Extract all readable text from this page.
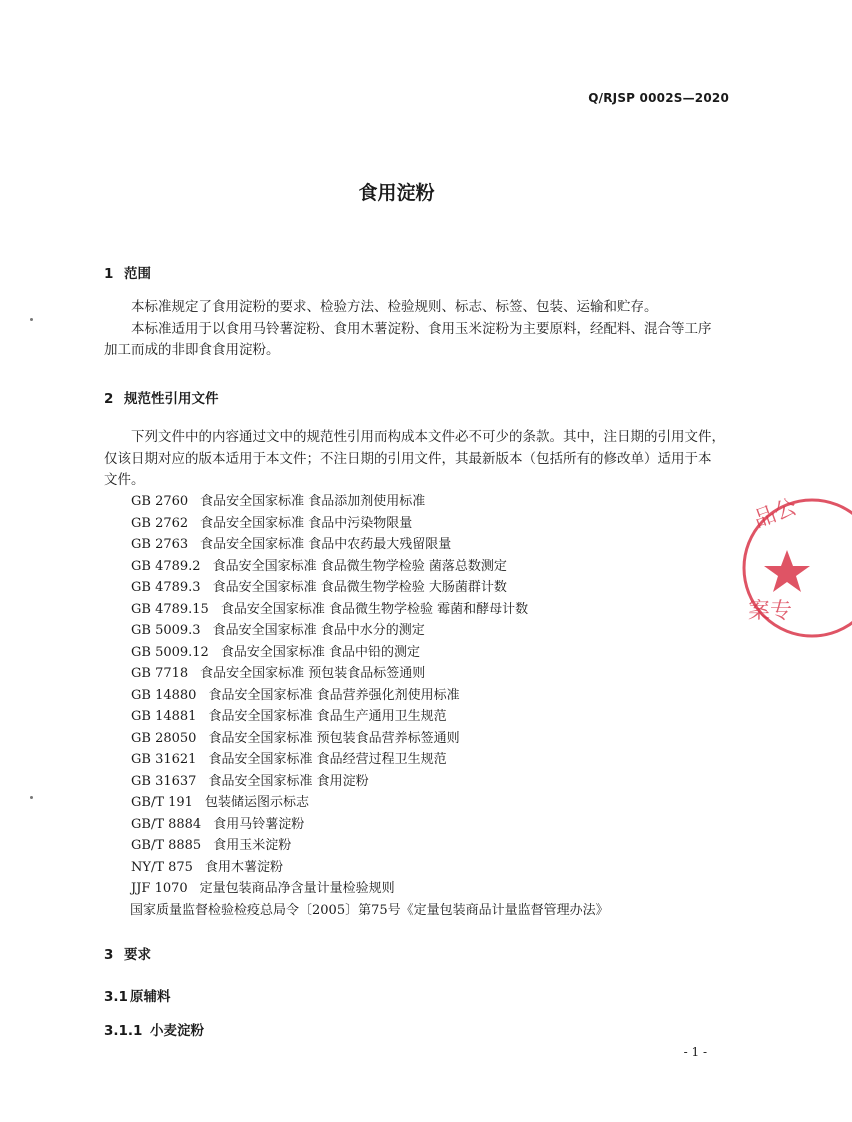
Q/RJSP 0002S—2020
食用淀粉
1 范围
本标准规定了食用淀粉的要求、检验方法、检验规则、标志、标签、包装、运输和贮存。
本标准适用于以食用马铃薯淀粉、食用木薯淀粉、食用玉米淀粉为主要原料，经配料、混合等工序
加工而成的非即食食用淀粉。
2 规范性引用文件
下列文件中的内容通过文中的规范性引用而构成本文件必不可少的条款。其中，注日期的引用文件，
仅该日期对应的版本适用于本文件；不注日期的引用文件，其最新版本（包括所有的修改单）适用于本
文件。
GB 2760 食品安全国家标准 食品添加剂使用标准
GB 2762 食品安全国家标准 食品中污染物限量
GB 2763 食品安全国家标准 食品中农药最大残留限量
GB 4789.2 食品安全国家标准 食品微生物学检验 菌落总数测定
GB 4789.3 食品安全国家标准 食品微生物学检验 大肠菌群计数
GB 4789.15 食品安全国家标准 食品微生物学检验 霉菌和酵母计数
GB 5009.3 食品安全国家标准 食品中水分的测定
GB 5009.12 食品安全国家标准 食品中铅的测定
GB 7718 食品安全国家标准 预包装食品标签通则
GB 14880 食品安全国家标准 食品营养强化剂使用标准
GB 14881 食品安全国家标准 食品生产通用卫生规范
GB 28050 食品安全国家标准 预包装食品营养标签通则
GB 31621 食品安全国家标准 食品经营过程卫生规范
GB 31637 食品安全国家标准 食用淀粉
GB/T 191 包装储运图示标志
GB/T 8884 食用马铃薯淀粉
GB/T 8885 食用玉米淀粉
NY/T 875 食用木薯淀粉
JJF 1070 定量包装商品净含量计量检验规则
国家质量监督检验检疫总局令〔2005〕第75号《定量包装商品计量监督管理办法》
3 要求
3.1 原辅料
3.1.1 小麦淀粉
- 1 -
品公
案专
